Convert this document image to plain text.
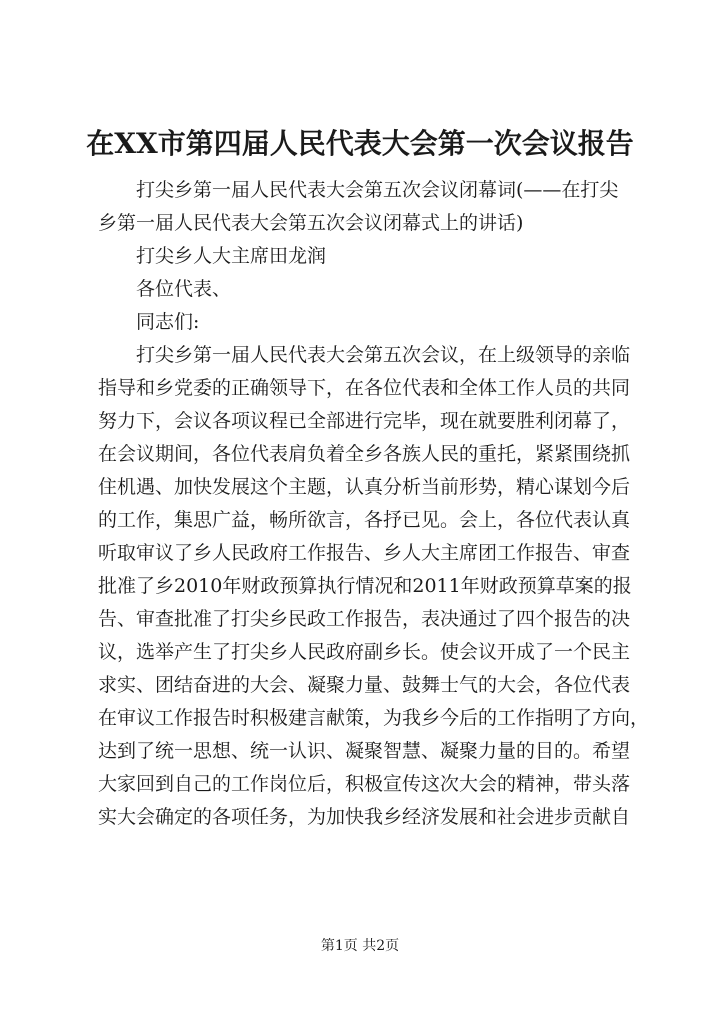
在XX市第四届人民代表大会第一次会议报告
打尖乡第一届人民代表大会第五次会议闭幕词(——在打尖
乡第一届人民代表大会第五次会议闭幕式上的讲话)
打尖乡人大主席田龙润
各位代表、
同志们:
打尖乡第一届人民代表大会第五次会议，在上级领导的亲临
指导和乡党委的正确领导下，在各位代表和全体工作人员的共同
努力下，会议各项议程已全部进行完毕，现在就要胜利闭幕了，
在会议期间，各位代表肩负着全乡各族人民的重托，紧紧围绕抓
住机遇、加快发展这个主题，认真分析当前形势，精心谋划今后
的工作，集思广益，畅所欲言，各抒已见。会上，各位代表认真
听取审议了乡人民政府工作报告、乡人大主席团工作报告、审查
批准了乡2010年财政预算执行情况和2011年财政预算草案的报
告、审查批准了打尖乡民政工作报告，表决通过了四个报告的决
议，选举产生了打尖乡人民政府副乡长。使会议开成了一个民主
求实、团结奋进的大会、凝聚力量、鼓舞士气的大会，各位代表
在审议工作报告时积极建言献策，为我乡今后的工作指明了方向，
达到了统一思想、统一认识、凝聚智慧、凝聚力量的目的。希望
大家回到自己的工作岗位后，积极宣传这次大会的精神，带头落
实大会确定的各项任务，为加快我乡经济发展和社会进步贡献自
第1页 共2页
